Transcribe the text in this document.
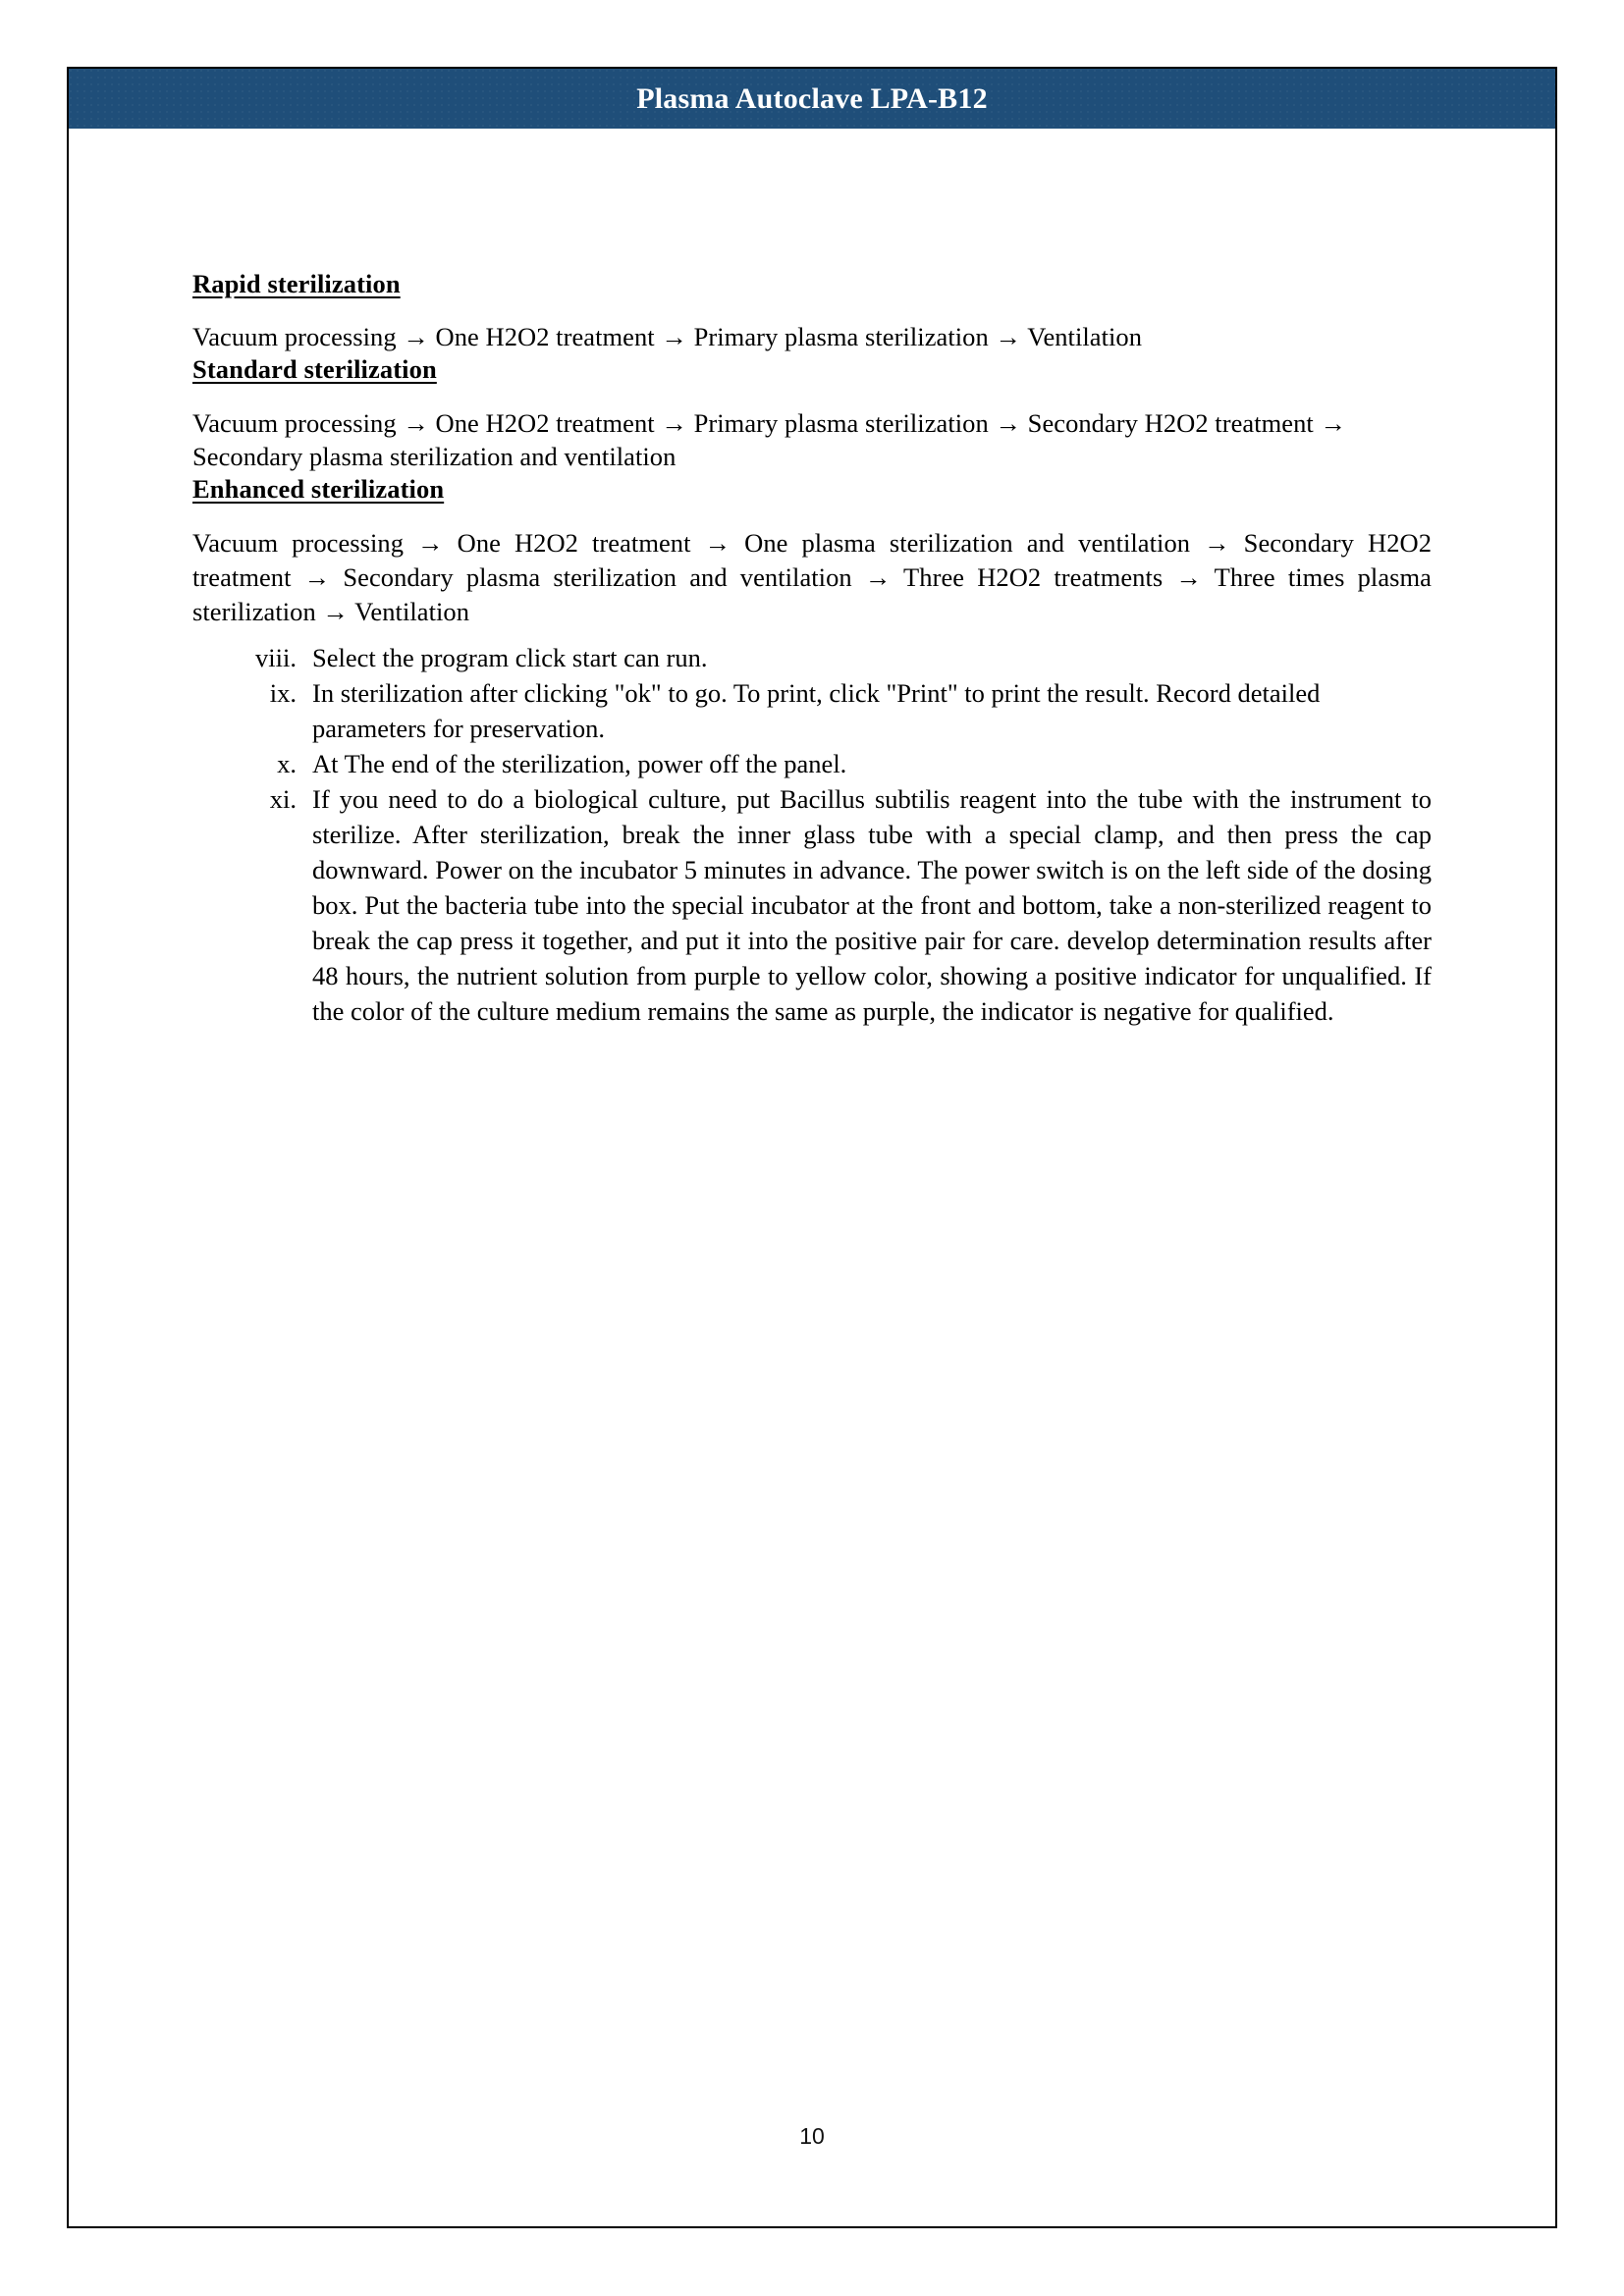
Plasma Autoclave LPA-B12
Rapid sterilization

Vacuum processing → One H2O2 treatment → Primary plasma sterilization → Ventilation

Standard sterilization

Vacuum processing → One H2O2 treatment → Primary plasma sterilization → Secondary H2O2 treatment → Secondary plasma sterilization and ventilation

Enhanced sterilization

Vacuum processing → One H2O2 treatment → One plasma sterilization and ventilation → Secondary H2O2 treatment → Secondary plasma sterilization and ventilation → Three H2O2 treatments → Three times plasma sterilization → Ventilation

viii. Select the program click start can run.
ix. In sterilization after clicking "ok" to go. To print, click "Print" to print the result. Record detailed parameters for preservation.
x. At The end of the sterilization, power off the panel.
xi. If you need to do a biological culture, put Bacillus subtilis reagent into the tube with the instrument to sterilize. After sterilization, break the inner glass tube with a special clamp, and then press the cap downward. Power on the incubator 5 minutes in advance. The power switch is on the left side of the dosing box. Put the bacteria tube into the special incubator at the front and bottom, take a non-sterilized reagent to break the cap press it together, and put it into the positive pair for care. develop determination results after 48 hours, the nutrient solution from purple to yellow color, showing a positive indicator for unqualified. If the color of the culture medium remains the same as purple, the indicator is negative for qualified.
10
